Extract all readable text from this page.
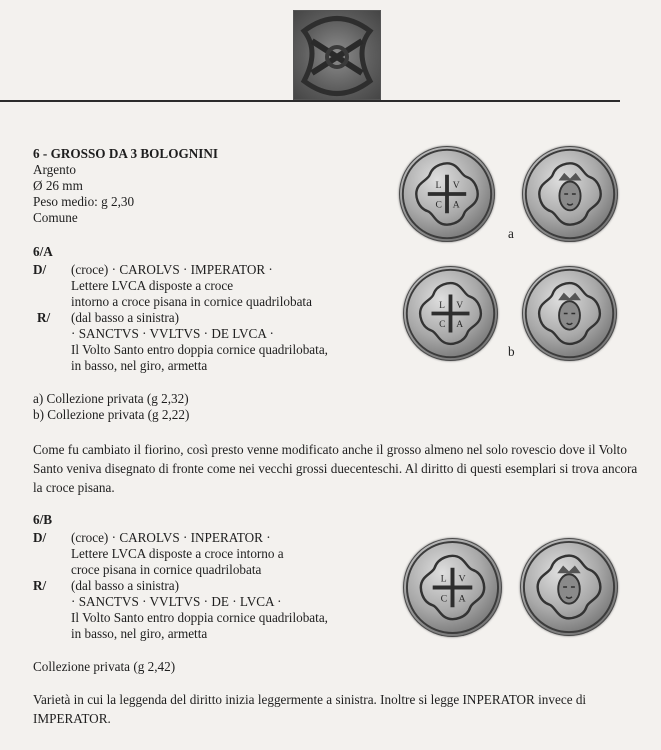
6 - GROSSO DA 3 BOLOGNINI
Argento
Ø 26 mm
Peso medio: g 2,30
Comune
6/A
D/ (croce) · CAROLVS · IMPERATOR ·
Lettere LVCA disposte a croce
intorno a croce pisana in cornice quadrilobata
R/ (dal basso a sinistra)
· SANCTVS · VVLTVS · DE LVCA ·
Il Volto Santo entro doppia cornice quadrilobata,
in basso, nel giro, armetta
a) Collezione privata (g 2,32)
b) Collezione privata (g 2,22)
L V
C A
a
L V
C A
b
Come fu cambiato il fiorino, così presto venne modificato anche il grosso almeno nel solo rovescio dove il Volto Santo veniva disegnato di fronte come nei vecchi grossi duecenteschi. Al diritto di questi esemplari si trova ancora la croce pisana.
6/B
D/ (croce) · CAROLVS · INPERATOR ·
Lettere LVCA disposte a croce intorno a
croce pisana in cornice quadrilobata
R/ (dal basso a sinistra)
· SANCTVS · VVLTVS · DE · LVCA ·
Il Volto Santo entro doppia cornice quadrilobata,
in basso, nel giro, armetta
L V
C A
Collezione privata (g 2,42)
Varietà in cui la leggenda del diritto inizia leggermente a sinistra. Inoltre si legge INPERATOR invece di IMPERATOR.
